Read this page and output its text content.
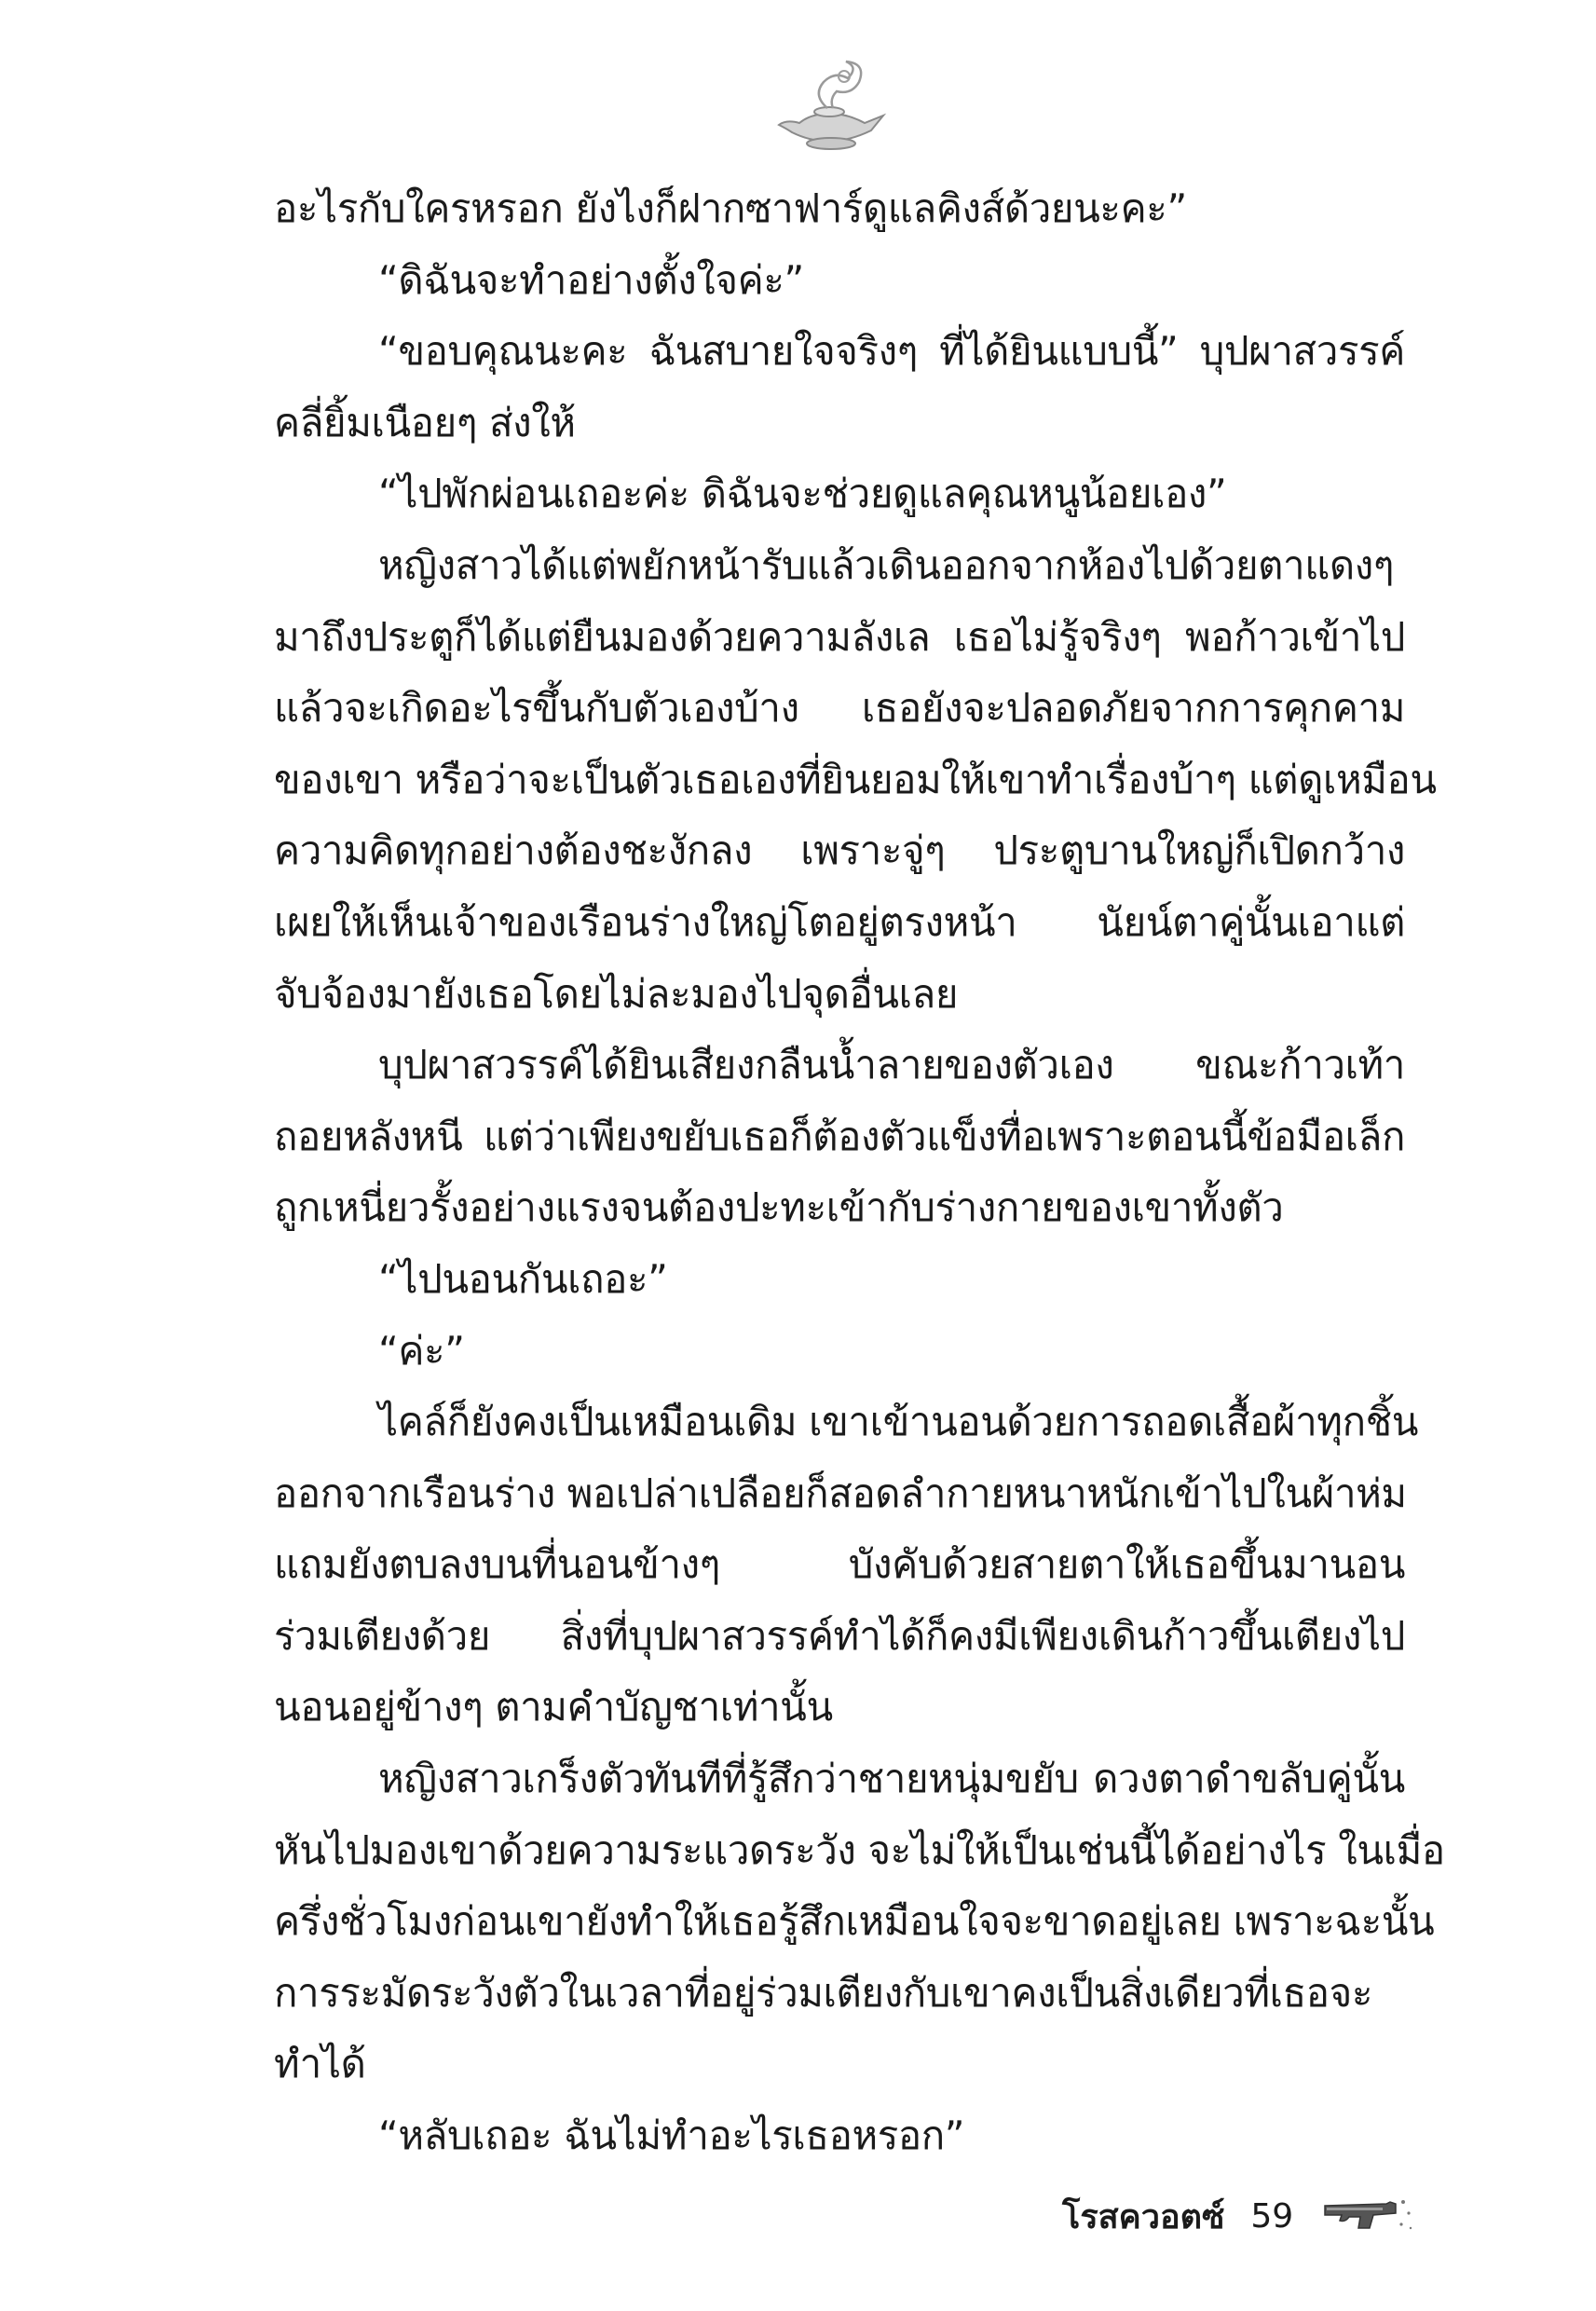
อะไรกับใครหรอก ยังไงก็ฝากซาฟาร์ดูแลคิงส์ด้วยนะคะ”
“ดิฉันจะทำอย่างตั้งใจค่ะ”
“ขอบคุณนะคะ ฉันสบายใจจริงๆ ที่ได้ยินแบบนี้” บุปผาสวรรค์
คลี่ยิ้มเนือยๆ ส่งให้
“ไปพักผ่อนเถอะค่ะ ดิฉันจะช่วยดูแลคุณหนูน้อยเอง”
หญิงสาวได้แต่พยักหน้ารับแล้วเดินออกจากห้องไปด้วยตาแดงๆ
มาถึงประตูก็ได้แต่ยืนมองด้วยความลังเล เธอไม่รู้จริงๆ พอก้าวเข้าไป
แล้วจะเกิดอะไรขึ้นกับตัวเองบ้าง เธอยังจะปลอดภัยจากการคุกคาม
ของเขา หรือว่าจะเป็นตัวเธอเองที่ยินยอมให้เขาทำเรื่องบ้าๆ แต่ดูเหมือน
ความคิดทุกอย่างต้องชะงักลง เพราะจู่ๆ ประตูบานใหญ่ก็เปิดกว้าง
เผยให้เห็นเจ้าของเรือนร่างใหญ่โตอยู่ตรงหน้า นัยน์ตาคู่นั้นเอาแต่
จับจ้องมายังเธอโดยไม่ละมองไปจุดอื่นเลย
บุปผาสวรรค์ได้ยินเสียงกลืนน้ำลายของตัวเอง ขณะก้าวเท้า
ถอยหลังหนี แต่ว่าเพียงขยับเธอก็ต้องตัวแข็งทื่อเพราะตอนนี้ข้อมือเล็ก
ถูกเหนี่ยวรั้งอย่างแรงจนต้องปะทะเข้ากับร่างกายของเขาทั้งตัว
“ไปนอนกันเถอะ”
“ค่ะ”
ไคล์ก็ยังคงเป็นเหมือนเดิม เขาเข้านอนด้วยการถอดเสื้อผ้าทุกชิ้น
ออกจากเรือนร่าง พอเปล่าเปลือยก็สอดลำกายหนาหนักเข้าไปในผ้าห่ม
แถมยังตบลงบนที่นอนข้างๆ บังคับด้วยสายตาให้เธอขึ้นมานอน
ร่วมเตียงด้วย สิ่งที่บุปผาสวรรค์ทำได้ก็คงมีเพียงเดินก้าวขึ้นเตียงไป
นอนอยู่ข้างๆ ตามคำบัญชาเท่านั้น
หญิงสาวเกร็งตัวทันทีที่รู้สึกว่าชายหนุ่มขยับ ดวงตาดำขลับคู่นั้น
หันไปมองเขาด้วยความระแวดระวัง จะไม่ให้เป็นเช่นนี้ได้อย่างไร ในเมื่อ
ครึ่งชั่วโมงก่อนเขายังทำให้เธอรู้สึกเหมือนใจจะขาดอยู่เลย เพราะฉะนั้น
การระมัดระวังตัวในเวลาที่อยู่ร่วมเตียงกับเขาคงเป็นสิ่งเดียวที่เธอจะ
ทำได้
“หลับเถอะ ฉันไม่ทำอะไรเธอหรอก”
โรสควอตซ์ 59
